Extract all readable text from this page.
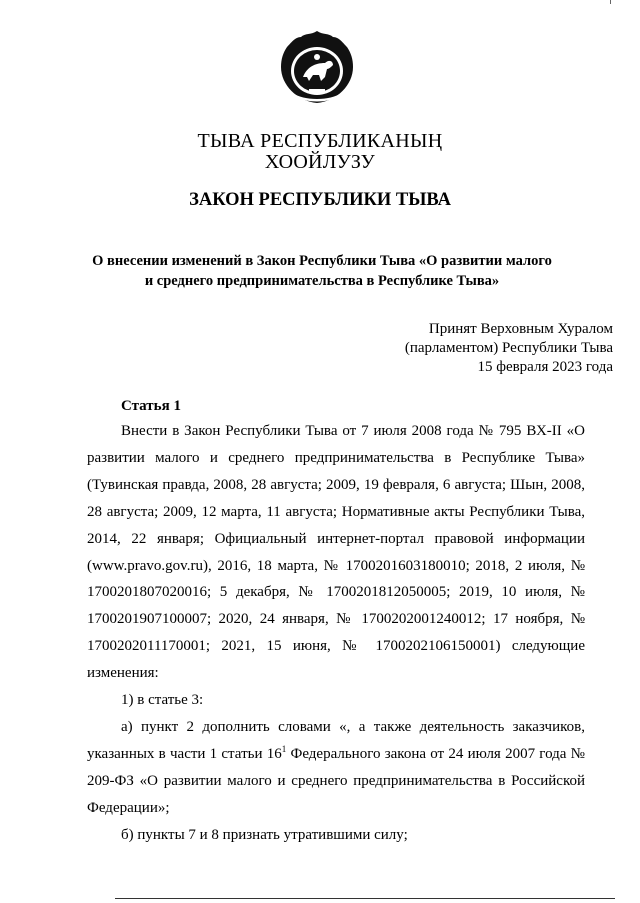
ТЫВА РЕСПУБЛИКАНЫҢ
ХООЙЛУЗУ
ЗАКОН РЕСПУБЛИКИ ТЫВА
О внесении изменений в Закон Республики Тыва «О развитии малого
и среднего предпринимательства в Республике Тыва»
Принят Верховным Хуралом
(парламентом) Республики Тыва
15 февраля 2023 года
Статья 1

Внести в Закон Республики Тыва от 7 июля 2008 года № 795 ВХ-II «О развитии малого и среднего предпринимательства в Республике Тыва» (Тувинская правда, 2008, 28 августа; 2009, 19 февраля, 6 августа; Шын, 2008, 28 августа; 2009, 12 марта, 11 августа; Нормативные акты Республики Тыва, 2014, 22 января; Официальный интернет-портал правовой информации (www.pravo.gov.ru), 2016, 18 марта, № 1700201603180010; 2018, 2 июля, № 1700201807020016; 5 декабря, № 1700201812050005; 2019, 10 июля, № 1700201907100007; 2020, 24 января, № 1700202001240012; 17 ноября, № 1700202011170001; 2021, 15 июня, № 1700202106150001) следующие изменения:

1) в статье 3:

а) пункт 2 дополнить словами «, а также деятельность заказчиков, указанных в части 1 статьи $16^1$ Федерального закона от 24 июля 2007 года № 209-ФЗ «О развитии малого и среднего предпринимательства в Российской Федерации»;

б) пункты 7 и 8 признать утратившими силу;
